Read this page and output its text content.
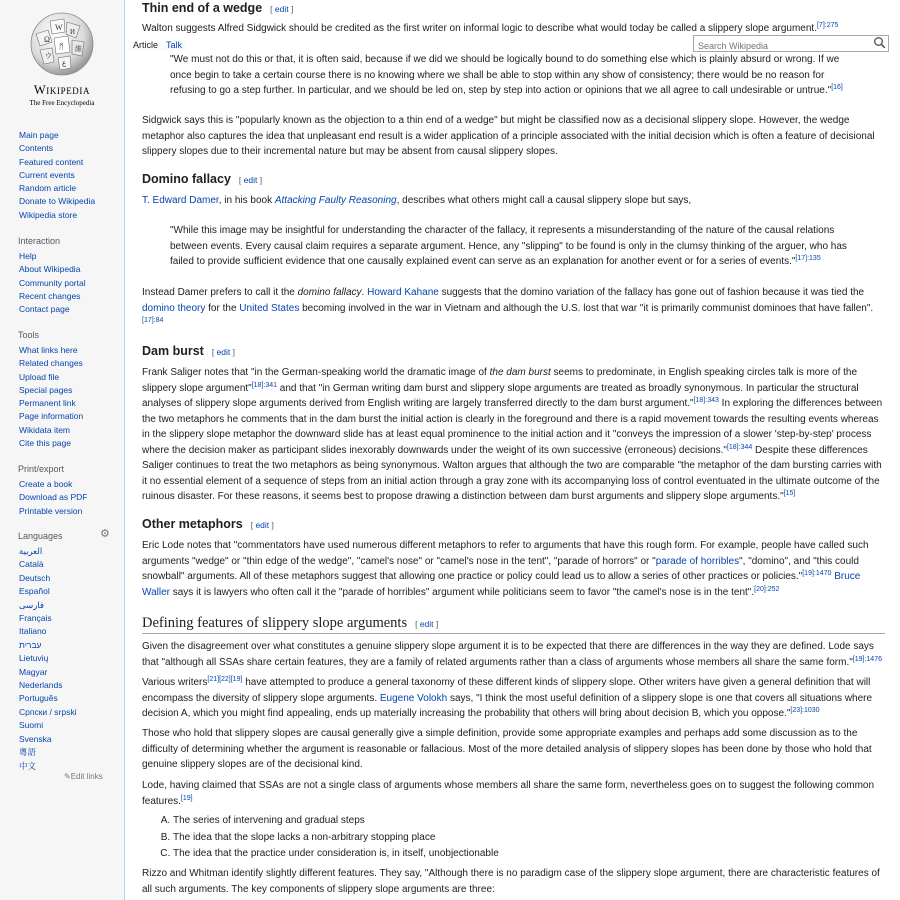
Ω
W И
ᛗ 維
ウ
ع
Wikipedia
The Free Encyclopedia
Main page
Contents
Featured content
Current events
Random article
Donate to Wikipedia
Wikipedia store
Interaction
Help
About Wikipedia
Community portal
Recent changes
Contact page
Tools
What links here
Related changes
Upload file
Special pages
Permanent link
Page information
Wikidata item
Cite this page
Print/export
Create a book
Download as PDF
Printable version
Languages
العربية
Català
Deutsch
Español
فارسی
Français
Italiano
עברית
Lietuvių
Magyar
Nederlands
Português
Српски / srpski
Suomi
Svenska
粵語
中文
⚙
✎Edit links
Thin end of a wedge [ edit ]

Walton suggests Alfred Sidgwick should be credited as the first writer on informal logic to describe what would today be called a slippery slope argument.$^{[7]:275}$

"We must not do this or that, it is often said, because if we did we should be logically bound to do something else which is plainly absurd or wrong. If we once begin to take a certain course there is no knowing where we shall be able to stop within any show of consistency; there would be no reason for refusing to go a step further. In particular, and we should be led on, step by step into action or opinions that we all agree to call undesirable or untrue."[16]

Sidgwick says this is "popularly known as the objection to a thin end of a wedge" but might be classified now as a decisional slippery slope. However, the wedge metaphor also captures the idea that unpleasant end result is a wider application of a principle associated with the initial decision which is often a feature of decisional slippery slopes due to their incremental nature but may be absent from causal slippery slopes.

Domino fallacy [ edit ]

T. Edward Damer, in his book Attacking Faulty Reasoning, describes what others might call a causal slippery slope but says,

"While this image may be insightful for understanding the character of the fallacy, it represents a misunderstanding of the nature of the causal relations between events. Every causal claim requires a separate argument. Hence, any "slipping" to be found is only in the clumsy thinking of the arguer, who has failed to provide sufficient evidence that one causally explained event can serve as an explanation for another event or for a series of events."$^{[17]:135}$

Instead Damer prefers to call it the domino fallacy. Howard Kahane suggests that the domino variation of the fallacy has gone out of fashion because it was tied the domino theory for the United States becoming involved in the war in Vietnam and although the U.S. lost that war "it is primarily communist dominoes that have fallen".$^{[17]:84}$

Dam burst [ edit ]

Frank Saliger notes that "in the German-speaking world the dramatic image of the dam burst seems to predominate, in English speaking circles talk is more of the slippery slope argument"$^{[18]:341}$ and that "in German writing dam burst and slippery slope arguments are treated as broadly synonymous. In particular the structural analyses of slippery slope arguments derived from English writing are largely transferred directly to the dam burst argument."$^{[18]:343}$ In exploring the differences between the two metaphors he comments that in the dam burst the initial action is clearly in the foreground and there is a rapid movement towards the resulting events whereas in the slippery slope metaphor the downward slide has at least equal prominence to the initial action and it "conveys the impression of a slower 'step-by-step' process where the decision maker as participant slides inexorably downwards under the weight of its own successive (erroneous) decisions."$^{[18]:344}$ Despite these differences Saliger continues to treat the two metaphors as being synonymous. Walton argues that although the two are comparable "the metaphor of the dam bursting carries with it no essential element of a sequence of steps from an initial action through a gray zone with its accompanying loss of control eventuated in the ultimate outcome of the ruinous disaster. For these reasons, it seems best to propose drawing a distinction between dam burst arguments and slippery slope arguments."[15]

Other metaphors [ edit ]

Eric Lode notes that "commentators have used numerous different metaphors to refer to arguments that have this rough form. For example, people have called such arguments "wedge" or "thin edge of the wedge", "camel's nose" or "camel's nose in the tent", "parade of horrors" or "parade of horribles", "domino", and "this could snowball" arguments. All of these metaphors suggest that allowing one practice or policy could lead us to allow a series of other practices or policies."$^{[19]:1470}$ Bruce Waller says it is lawyers who often call it the "parade of horribles" argument while politicians seem to favor "the camel's nose is in the tent".$^{[20]:252}$

Defining features of slippery slope arguments [ edit ]

Given the disagreement over what constitutes a genuine slippery slope argument it is to be expected that there are differences in the way they are defined. Lode says that "although all SSAs share certain features, they are a family of related arguments rather than a class of arguments whose members all share the same form."$^{[19]:1476}$

Various writers[21][22][19] have attempted to produce a general taxonomy of these different kinds of slippery slope. Other writers have given a general definition that will encompass the diversity of slippery slope arguments. Eugene Volokh says, "I think the most useful definition of a slippery slope is one that covers all situations where decision A, which you might find appealing, ends up materially increasing the probability that others will bring about decision B, which you oppose."$^{[23]:1030}$

Those who hold that slippery slopes are causal generally give a simple definition, provide some appropriate examples and perhaps add some discussion as to the difficulty of determining whether the argument is reasonable or fallacious. Most of the more detailed analysis of slippery slopes has been done by those who hold that genuine slippery slopes are of the decisional kind.

Lode, having claimed that SSAs are not a single class of arguments whose members all share the same form, nevertheless goes on to suggest the following common features.[19]

A. The series of intervening and gradual steps
B. The idea that the slope lacks a non-arbitrary stopping place
C. The idea that the practice under consideration is, in itself, unobjectionable

Rizzo and Whitman identify slightly different features. They say, "Although there is no paradigm case of the slippery slope argument, there are characteristic features of all such arguments. The key components of slippery slope arguments are three:

Article Talk
Search Wikipedia
